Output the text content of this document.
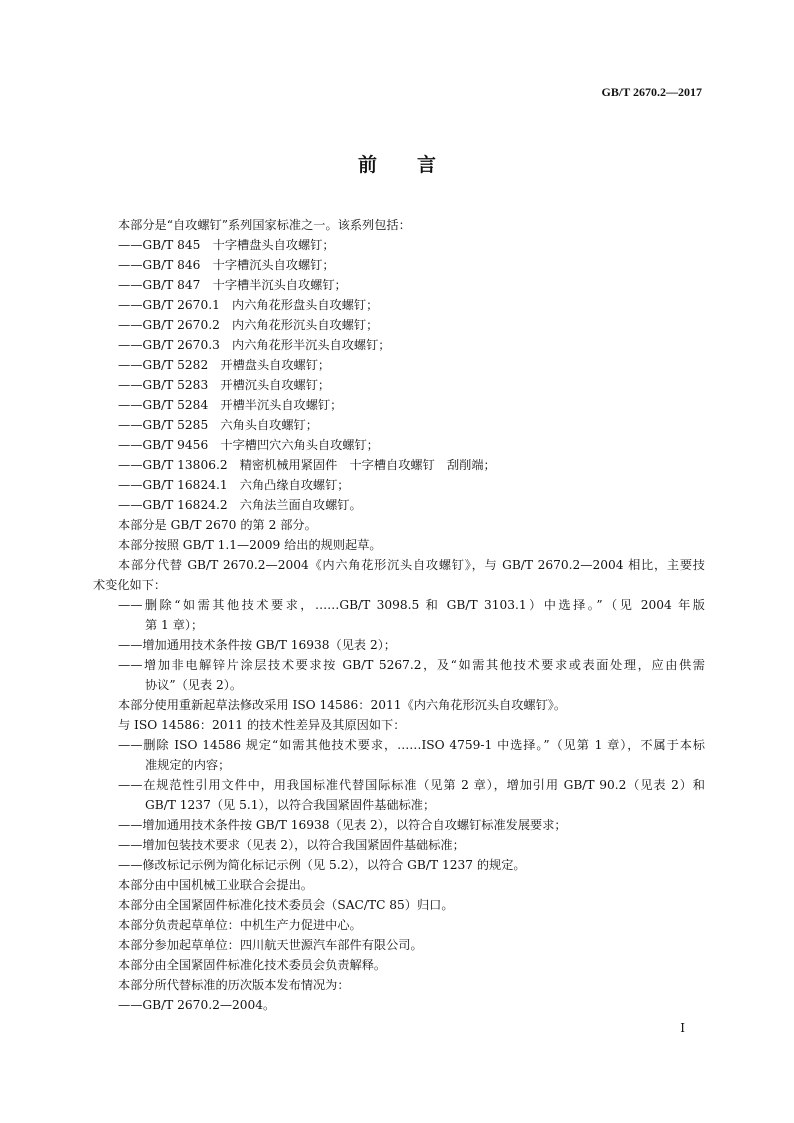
GB/T 2670.2—2017
前言
本部分是“自攻螺钉”系列国家标准之一。该系列包括：
——GB/T 845　十字槽盘头自攻螺钉；
——GB/T 846　十字槽沉头自攻螺钉；
——GB/T 847　十字槽半沉头自攻螺钉；
——GB/T 2670.1　内六角花形盘头自攻螺钉；
——GB/T 2670.2　内六角花形沉头自攻螺钉；
——GB/T 2670.3　内六角花形半沉头自攻螺钉；
——GB/T 5282　开槽盘头自攻螺钉；
——GB/T 5283　开槽沉头自攻螺钉；
——GB/T 5284　开槽半沉头自攻螺钉；
——GB/T 5285　六角头自攻螺钉；
——GB/T 9456　十字槽凹穴六角头自攻螺钉；
——GB/T 13806.2　精密机械用紧固件　十字槽自攻螺钉　刮削端；
——GB/T 16824.1　六角凸缘自攻螺钉；
——GB/T 16824.2　六角法兰面自攻螺钉。
本部分是 GB/T 2670 的第 2 部分。
本部分按照 GB/T 1.1—2009 给出的规则起草。
本部分代替 GB/T 2670.2—2004《内六角花形沉头自攻螺钉》，与 GB/T 2670.2—2004 相比，主要技
术变化如下：
——删除“如需其他技术要求，……GB/T 3098.5 和 GB/T 3103.1）中选择。”（见 2004 年版
第 1 章）；
——增加通用技术条件按 GB/T 16938（见表 2）；
——增加非电解锌片涂层技术要求按 GB/T 5267.2，及“如需其他技术要求或表面处理，应由供需
协议”（见表 2）。
本部分使用重新起草法修改采用 ISO 14586：2011《内六角花形沉头自攻螺钉》。
与 ISO 14586：2011 的技术性差异及其原因如下：
——删除 ISO 14586 规定“如需其他技术要求，……ISO 4759-1 中选择。”（见第 1 章），不属于本标
准规定的内容；
——在规范性引用文件中，用我国标准代替国际标准（见第 2 章），增加引用 GB/T 90.2（见表 2）和
GB/T 1237（见 5.1），以符合我国紧固件基础标准；
——增加通用技术条件按 GB/T 16938（见表 2），以符合自攻螺钉标准发展要求；
——增加包装技术要求（见表 2），以符合我国紧固件基础标准；
——修改标记示例为简化标记示例（见 5.2），以符合 GB/T 1237 的规定。
本部分由中国机械工业联合会提出。
本部分由全国紧固件标准化技术委员会（SAC/TC 85）归口。
本部分负责起草单位：中机生产力促进中心。
本部分参加起草单位：四川航天世源汽车部件有限公司。
本部分由全国紧固件标准化技术委员会负责解释。
本部分所代替标准的历次版本发布情况为：
——GB/T 2670.2—2004。
I
